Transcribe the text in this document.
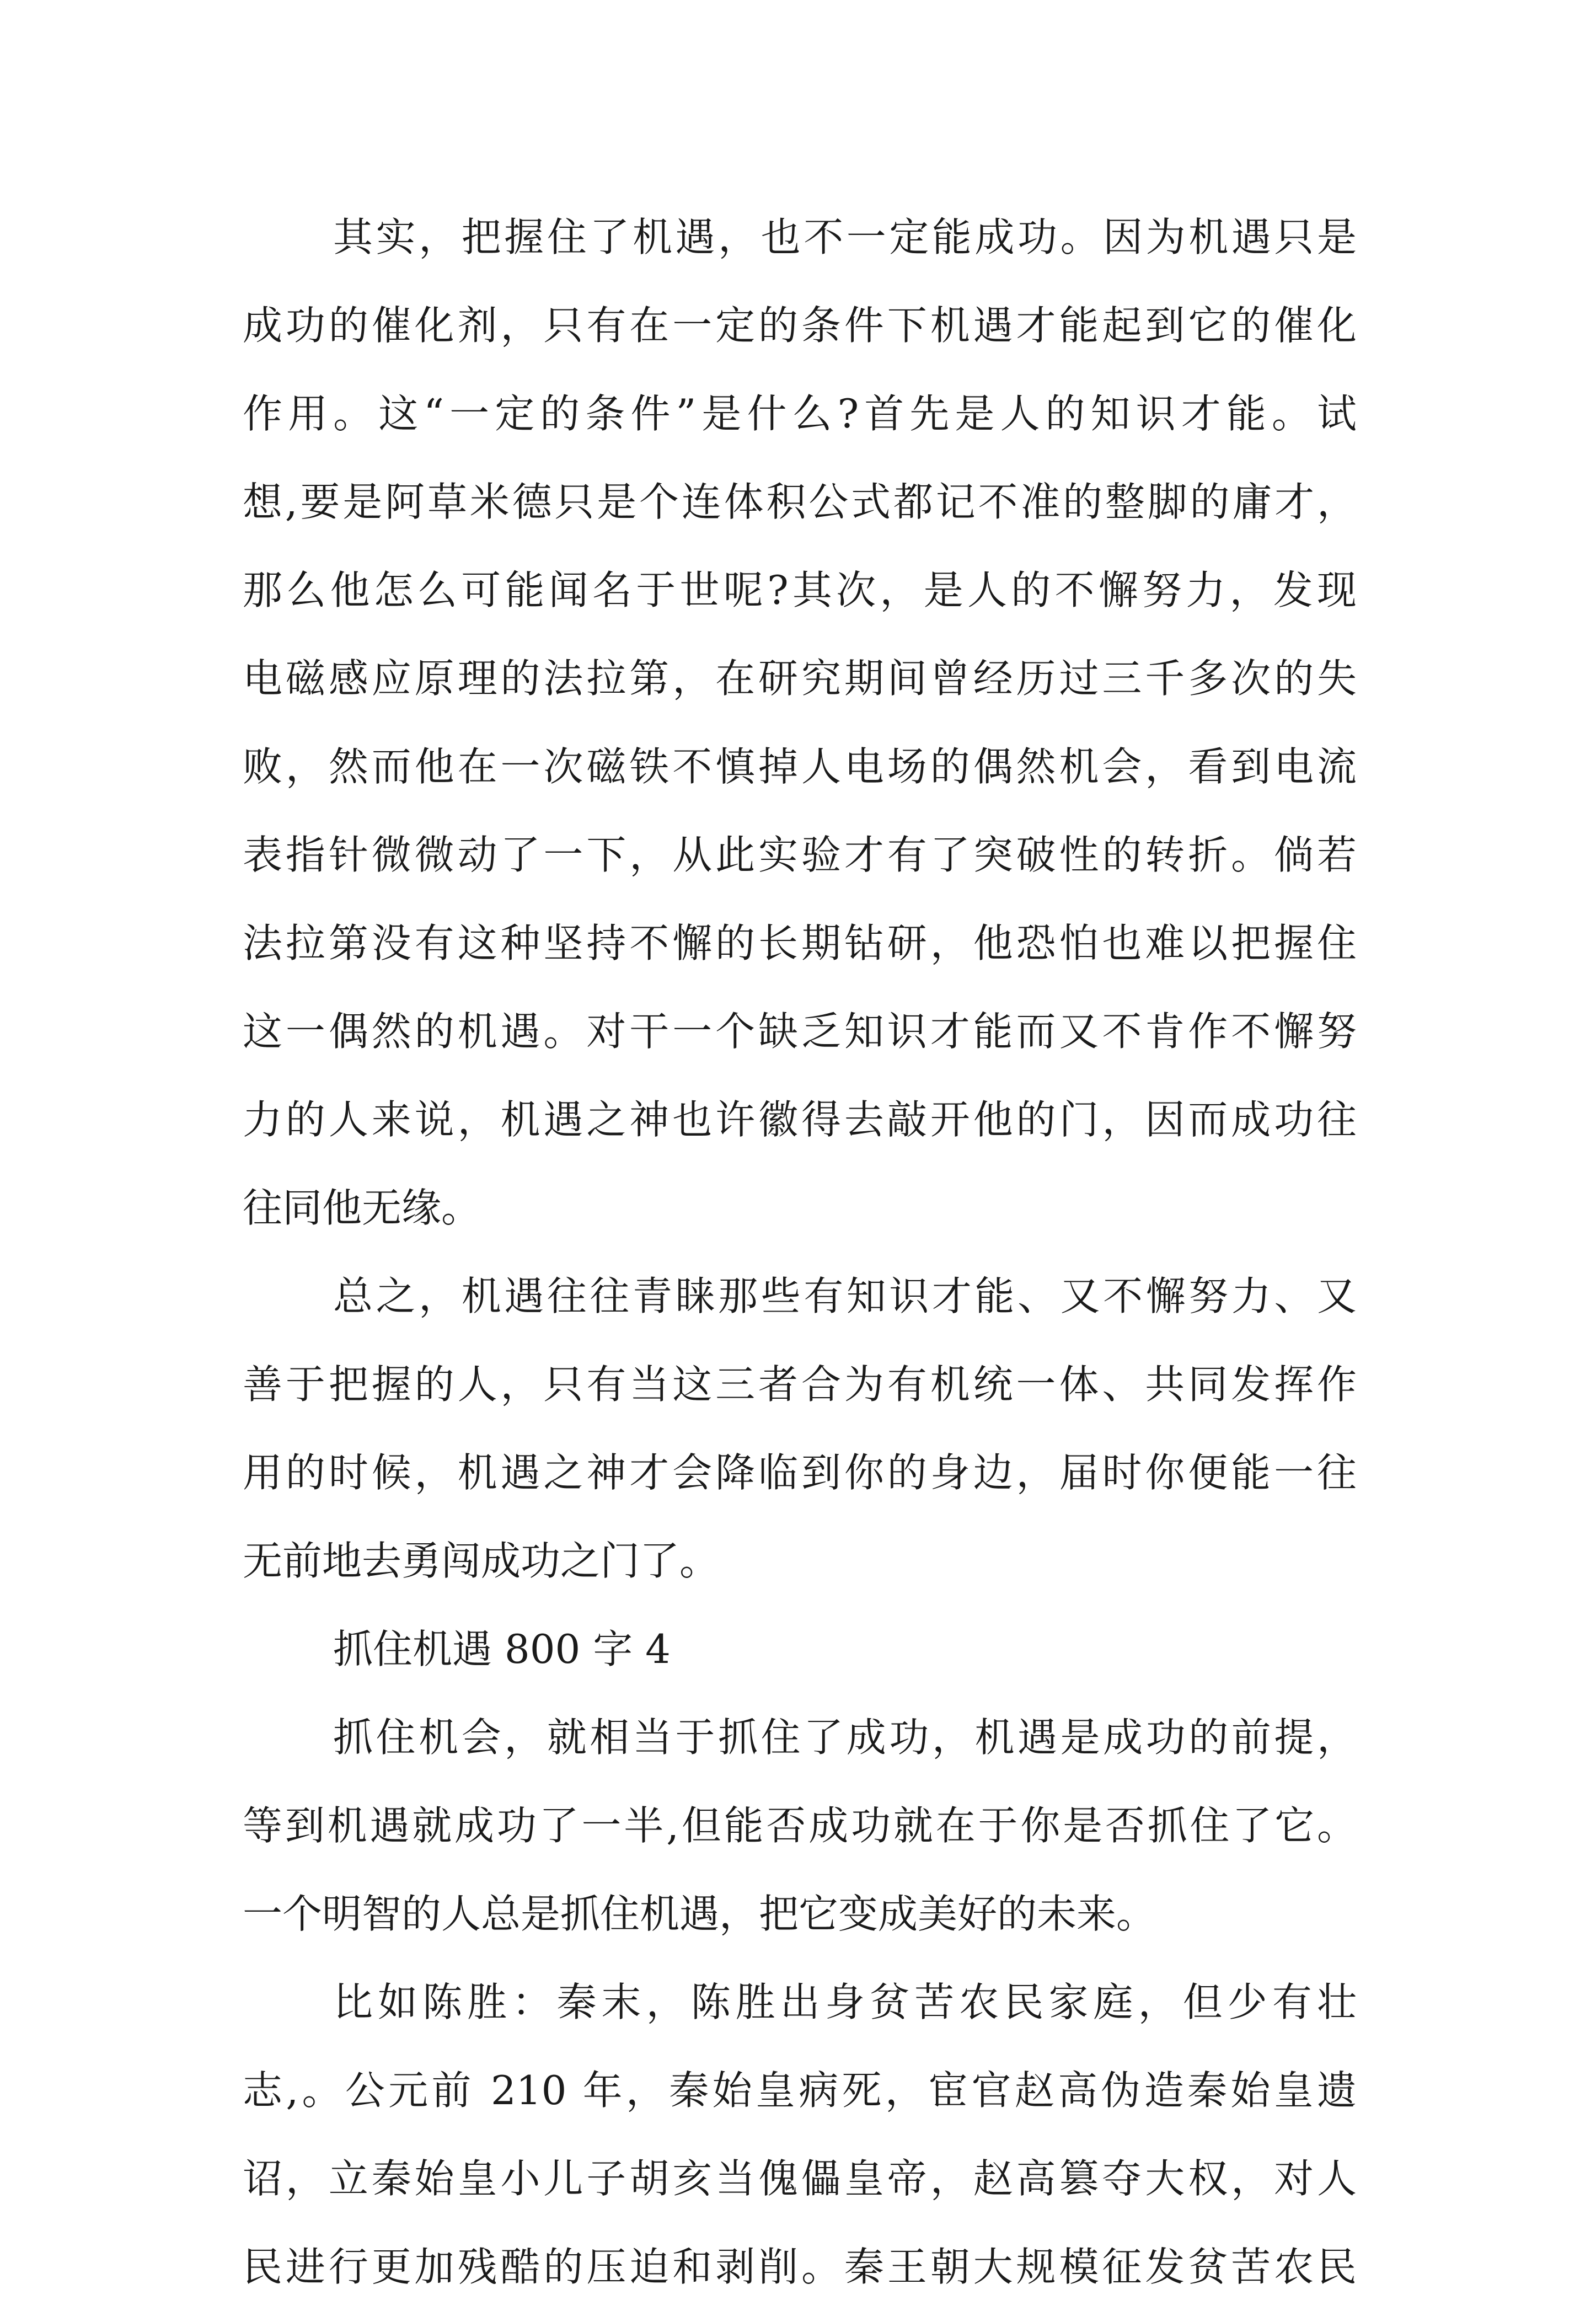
其实，把握住了机遇，也不一定能成功。因为机遇只是
成功的催化剂，只有在一定的条件下机遇才能起到它的催化
作用。这“一定的条件”是什么?首先是人的知识才能。试
想,要是阿草米德只是个连体积公式都记不准的整脚的庸才，
那么他怎么可能闻名于世呢?其次，是人的不懈努力，发现
电磁感应原理的法拉第，在研究期间曾经历过三千多次的失
败，然而他在一次磁铁不慎掉人电场的偶然机会，看到电流
表指针微微动了一下，从此实验才有了突破性的转折。倘若
法拉第没有这种坚持不懈的长期钻研，他恐怕也难以把握住
这一偶然的机遇。对干一个缺乏知识才能而又不肯作不懈努
力的人来说，机遇之神也许徽得去敲开他的门，因而成功往
往同他无缘。
总之，机遇往往青睐那些有知识才能、又不懈努力、又
善于把握的人，只有当这三者合为有机统一体、共同发挥作
用的时候，机遇之神才会降临到你的身边，届时你便能一往
无前地去勇闯成功之门了。
抓住机遇 800 字 4
抓住机会，就相当于抓住了成功，机遇是成功的前提，
等到机遇就成功了一半,但能否成功就在于你是否抓住了它。
一个明智的人总是抓住机遇，把它变成美好的未来。
比如陈胜：秦末，陈胜出身贫苦农民家庭，但少有壮
志,。公元前 210 年，秦始皇病死，宦官赵高伪造秦始皇遗
诏，立秦始皇小儿子胡亥当傀儡皇帝，赵高篡夺大权，对人
民进行更加残酷的压迫和剥削。秦王朝大规模征发贫苦农民
